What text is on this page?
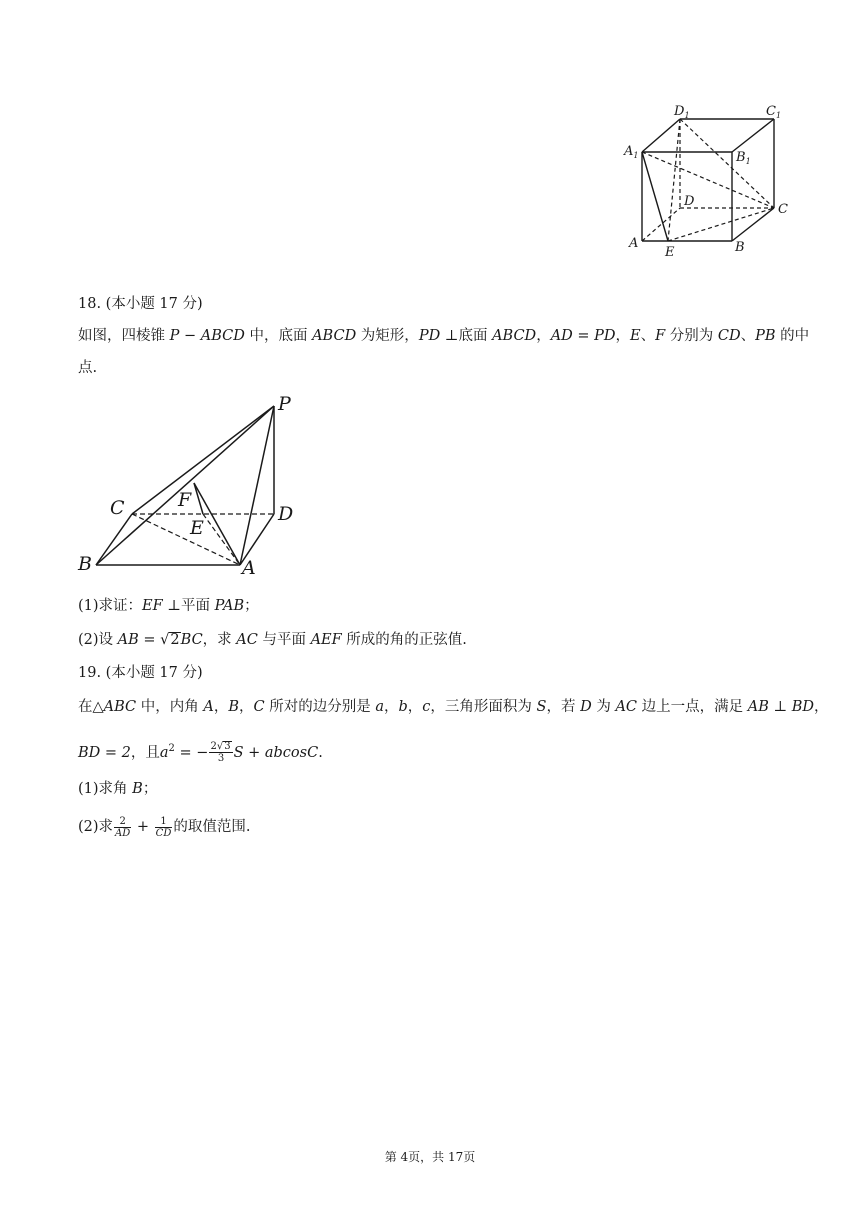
$D_1$	$C_1$
$A_1$	$B_1$
D
C
A
E	B
18. (本小题 17 分)
如图，四棱锥 P − ABCD 中，底面 ABCD 为矩形，PD ⊥底面 ABCD，AD = PD，E、F 分别为 CD、PB 的中
点.
P
C	D
F
E
B	A
(1)求证：EF ⊥平面 PAB；
(2)设 AB = √2BC，求 AC 与平面 AEF 所成的角的正弦值.
19. (本小题 17 分)
在△ABC 中，内角 A，B，C 所对的边分别是 a，b，c，三角形面积为 S，若 D 为 AC 边上一点，满足 AB ⊥ BD，
BD = 2，且$a^2$ = − $\frac{2√3}{3}$ S + abcosC.
(1)求角 B；
(2)求 $\frac{2}{AD} + \frac{1}{CD}$ 的取值范围.
第 4页，共 17页
